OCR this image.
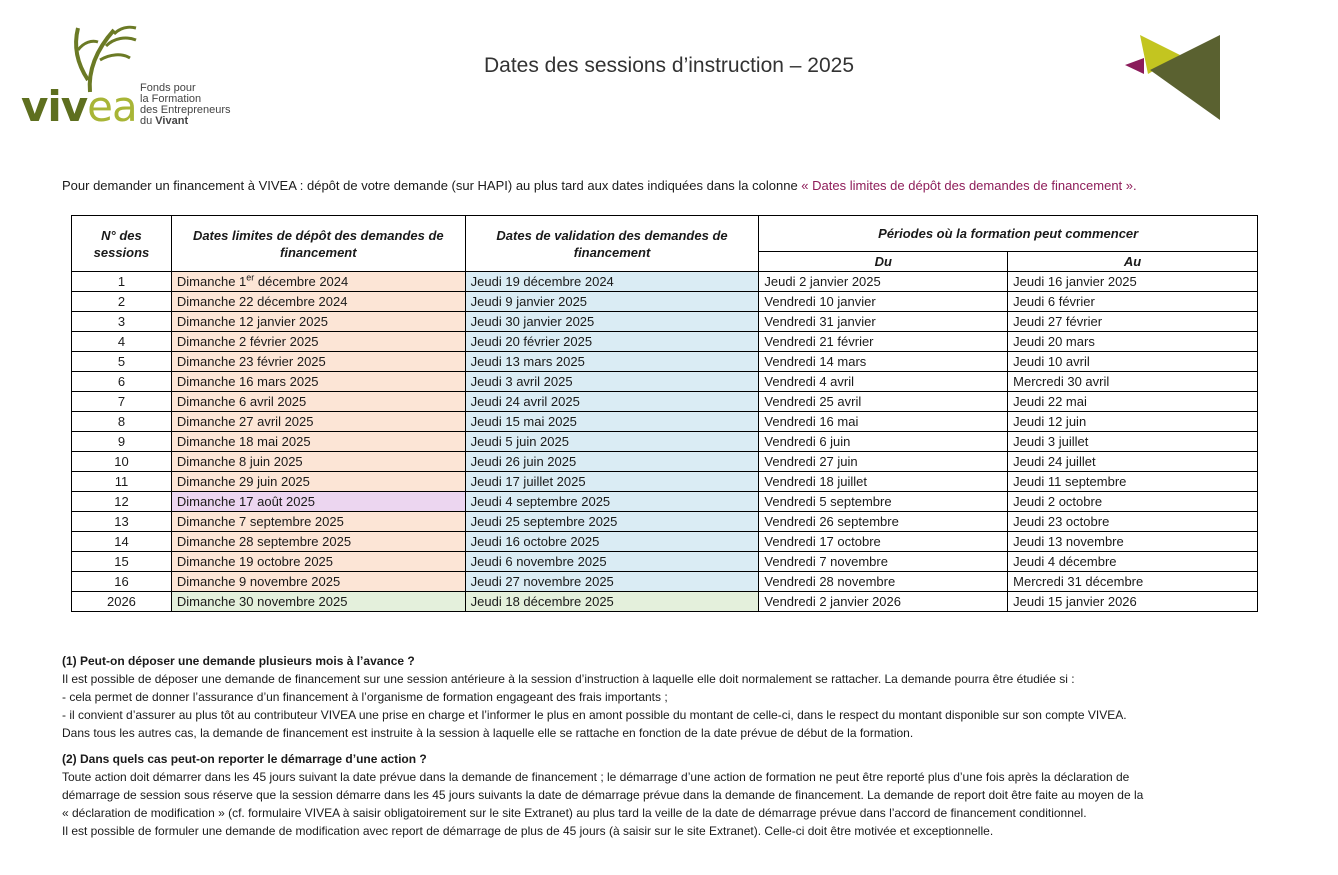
vivea Fonds pour
la Formation
des Entrepreneurs
du Vivant
Dates des sessions d’instruction – 2025
Pour demander un financement à VIVEA : dépôt de votre demande (sur HAPI) au plus tard aux dates indiquées dans la colonne « Dates limites de dépôt des demandes de financement ».
N° des sessions	Dates limites de dépôt des demandes de financement	Dates de validation des demandes de financement	Périodes où la formation peut commencer	
			Du	Au
1	Dimanche 1er décembre 2024	Jeudi 19 décembre 2024	Jeudi 2 janvier 2025	Jeudi 16 janvier 2025
2	Dimanche 22 décembre 2024	Jeudi 9 janvier 2025	Vendredi 10 janvier	Jeudi 6 février
3	Dimanche 12 janvier 2025	Jeudi 30 janvier 2025	Vendredi 31 janvier	Jeudi 27 février
4	Dimanche 2 février 2025	Jeudi 20 février 2025	Vendredi 21 février	Jeudi 20 mars
5	Dimanche 23 février 2025	Jeudi 13 mars 2025	Vendredi 14 mars	Jeudi 10 avril
6	Dimanche 16 mars 2025	Jeudi 3 avril 2025	Vendredi 4 avril	Mercredi 30 avril
7	Dimanche 6 avril 2025	Jeudi 24 avril 2025	Vendredi 25 avril	Jeudi 22 mai
8	Dimanche 27 avril 2025	Jeudi 15 mai 2025	Vendredi 16 mai	Jeudi 12 juin
9	Dimanche 18 mai 2025	Jeudi 5 juin 2025	Vendredi 6 juin	Jeudi 3 juillet
10	Dimanche 8 juin 2025	Jeudi 26 juin 2025	Vendredi 27 juin	Jeudi 24 juillet
11	Dimanche 29 juin 2025	Jeudi 17 juillet 2025	Vendredi 18 juillet	Jeudi 11 septembre
12	Dimanche 17 août 2025	Jeudi 4 septembre 2025	Vendredi 5 septembre	Jeudi 2 octobre
13	Dimanche 7 septembre 2025	Jeudi 25 septembre 2025	Vendredi 26 septembre	Jeudi 23 octobre
14	Dimanche 28 septembre 2025	Jeudi 16 octobre 2025	Vendredi 17 octobre	Jeudi 13 novembre
15	Dimanche 19 octobre 2025	Jeudi 6 novembre 2025	Vendredi 7 novembre	Jeudi 4 décembre
16	Dimanche 9 novembre 2025	Jeudi 27 novembre 2025	Vendredi 28 novembre	Mercredi 31 décembre
2026	Dimanche 30 novembre 2025	Jeudi 18 décembre 2025	Vendredi 2 janvier 2026	Jeudi 15 janvier 2026

(1) Peut-on déposer une demande plusieurs mois à l’avance ?

Il est possible de déposer une demande de financement sur une session antérieure à la session d’instruction à laquelle elle doit normalement se rattacher. La demande pourra être étudiée si :

- cela permet de donner l’assurance d’un financement à l’organisme de formation engageant des frais importants ;

- il convient d’assurer au plus tôt au contributeur VIVEA une prise en charge et l’informer le plus en amont possible du montant de celle-ci, dans le respect du montant disponible sur son compte VIVEA.

Dans tous les autres cas, la demande de financement est instruite à la session à laquelle elle se rattache en fonction de la date prévue de début de la formation.

(2) Dans quels cas peut-on reporter le démarrage d’une action ?

Toute action doit démarrer dans les 45 jours suivant la date prévue dans la demande de financement ; le démarrage d’une action de formation ne peut être reporté plus d’une fois après la déclaration de

démarrage de session sous réserve que la session démarre dans les 45 jours suivants la date de démarrage prévue dans la demande de financement. La demande de report doit être faite au moyen de la

« déclaration de modification » (cf. formulaire VIVEA à saisir obligatoirement sur le site Extranet) au plus tard la veille de la date de démarrage prévue dans l’accord de financement conditionnel.

Il est possible de formuler une demande de modification avec report de démarrage de plus de 45 jours (à saisir sur le site Extranet). Celle-ci doit être motivée et exceptionnelle.
